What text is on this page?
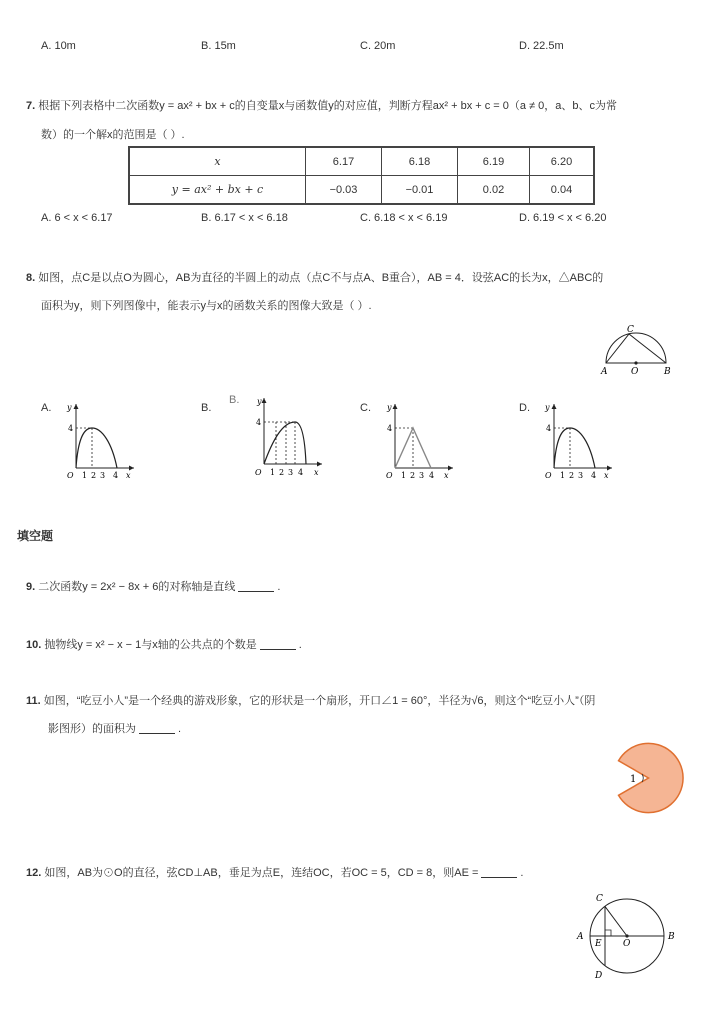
A. 10m	B. 15m	C. 20m	D. 22.5m
7. 根据下列表格中二次函数y = ax² + bx + c的自变量x与函数值y的对应值，判断方程ax² + bx + c = 0（a ≠ 0，a、b、c为常
数）的一个解x的范围是（ ）.
x	6.17	6.18	6.19	6.20
y = ax² + bx + c	−0.03	−0.01	0.02	0.04
A. 6 < x < 6.17	B. 6.17 < x < 6.18	C. 6.18 < x < 6.19	D. 6.19 < x < 6.20
8. 如图，点C是以点O为圆心，AB为直径的半圆上的动点（点C不与点A、B重合），AB = 4．设弦AC的长为x，△ABC的
面积为y，则下列图像中，能表示y与x的函数关系的图像大致是（ ）.
C
A	O	B
A.	B.
B.
C.	D.
y
4
O 1 2 3 4 x
y
4
O 1 2 3 4 x
y
4
O 1 2 3 4 x
y
4
O 1 2 3 4 x
填空题
9. 二次函数y = 2x² − 8x + 6的对称轴是直线	.
10. 抛物线y = x² − x − 1与x轴的公共点的个数是	.
11. 如图，“吃豆小人”是一个经典的游戏形象，它的形状是一个扇形，开口∠1 = 60°，半径为√6，则这个“吃豆小人”（阴
影图形）的面积为	.
1
12. 如图，AB为⊙O的直径，弦CD⊥AB，垂足为点E，连结OC，若OC = 5，CD = 8，则AE =	.
C
A
E O
B
D
